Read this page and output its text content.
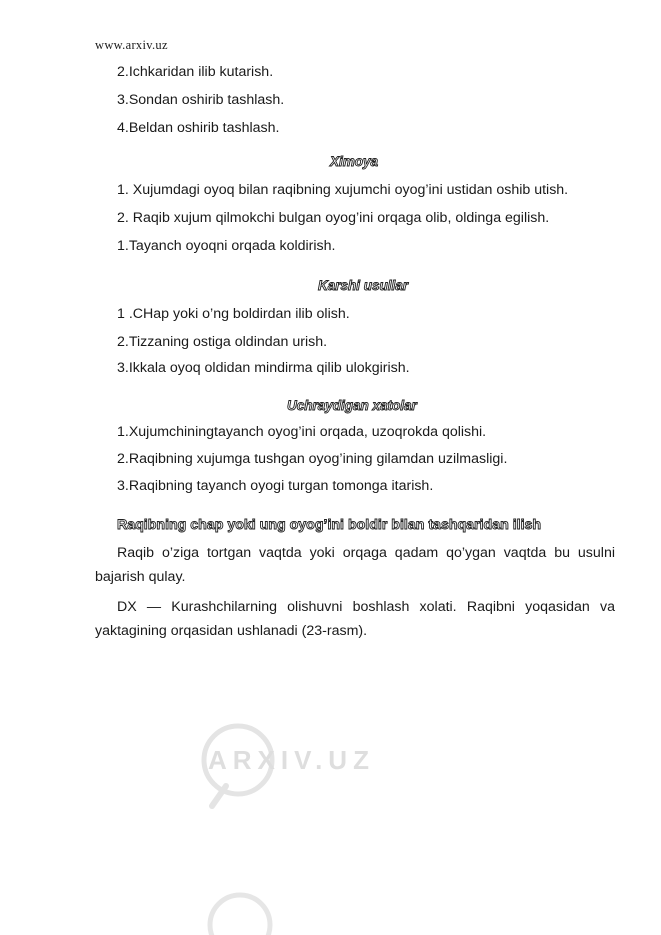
www.arxiv.uz
2.Ichkaridan ilib kutarish.
3.Sondan oshirib tashlash.
4.Beldan oshirib tashlash.
Ximoya
1. Xujumdagi oyoq bilan raqibning xujumchi oyog’ini ustidan oshib utish.
2. Raqib xujum qilmokchi bulgan oyog’ini orqaga olib, oldinga egilish.
1.Tayanch oyoqni orqada koldirish.
Karshi usullar
1 .CHap yoki o’ng boldirdan ilib olish.
2.Tizzaning ostiga oldindan urish.
3.Ikkala oyoq oldidan mindirma qilib ulokgirish.
Uchraydigan xatolar
1.Xujumchiningtayanch oyog’ini orqada, uzoqrokda qolishi.
2.Raqibning xujumga tushgan oyog’ining gilamdan uzilmasligi.
3.Raqibning tayanch oyogi turgan tomonga itarish.
Raqibning chap yoki ung oyog’ini boldir bilan tashqaridan ilish
Raqib o’ziga tortgan vaqtda yoki orqaga qadam qo’ygan vaqtda bu usulni bajarish qulay.
DX — Kurashchilarning olishuvni boshlash xolati. Raqibni yoqasidan va yaktagining orqasidan ushlanadi (23-rasm).
ARXIV.UZ
